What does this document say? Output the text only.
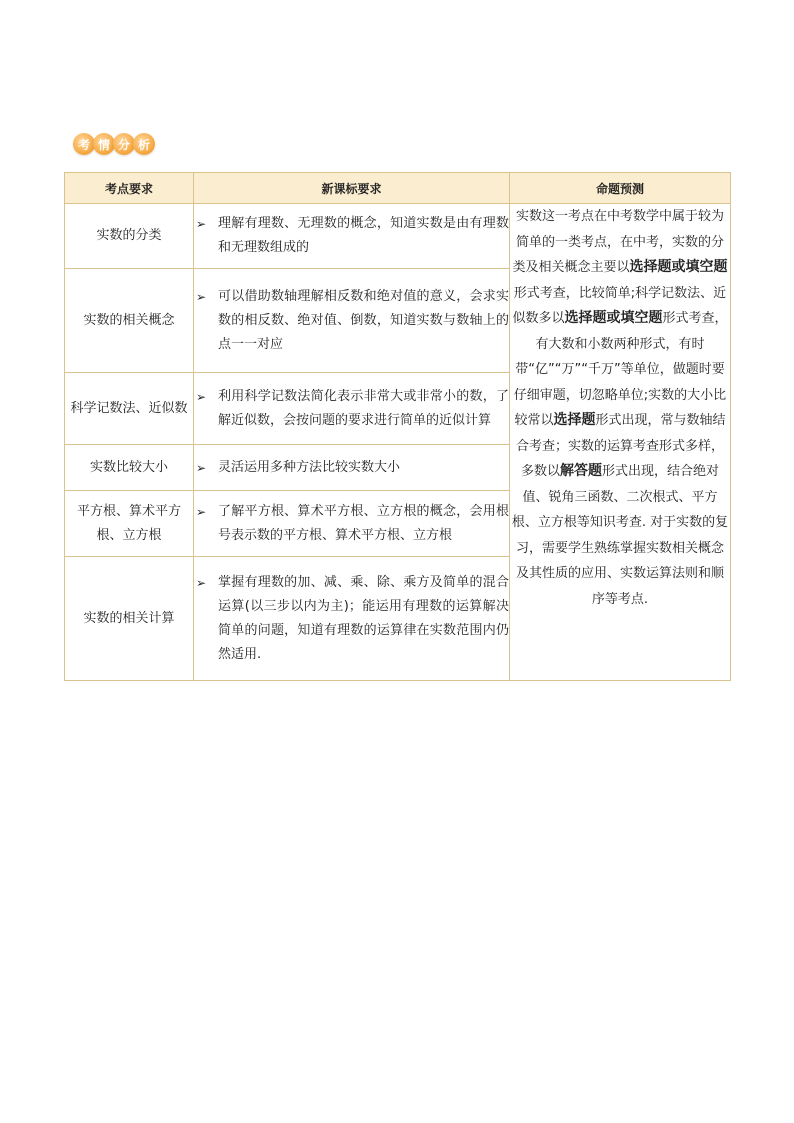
考 情 分 析
考点要求	新课标要求	命题预测
实数的分类	➢ 理解有理数、无理数的概念，知道实数是由有理数和无理数组成的	实数这一考点在中考数学中属于较为简单的一类考点，在中考，实数的分类及相关概念主要以选择题或填空题形式考查，比较简单;科学记数法、近似数多以选择题或填空题形式考查，有大数和小数两种形式，有时带“亿”“万”“千万”等单位，做题时要仔细审题，切忽略单位;实数的大小比较常以选择题形式出现，常与数轴结合考查；实数的运算考查形式多样，多数以解答题形式出现，结合绝对值、锐角三函数、二次根式、平方根、立方根等知识考查. 对于实数的复习，需要学生熟练掌握实数相关概念及其性质的应用、实数运算法则和顺序等考点.
实数的相关概念	➢ 可以借助数轴理解相反数和绝对值的意义，会求实数的相反数、绝对值、倒数，知道实数与数轴上的点一一对应	

科学记数法、近似数	➢ 利用科学记数法简化表示非常大或非常小的数，了解近似数，会按问题的要求进行简单的近似计算	

实数比较大小	➢ 灵活运用多种方法比较实数大小	

平方根、算术平方根、立方根	➢ 了解平方根、算术平方根、立方根的概念，会用根号表示数的平方根、算术平方根、立方根	

实数的相关计算	➢ 掌握有理数的加、减、乘、除、乘方及简单的混合运算(以三步以内为主)；能运用有理数的运算解决简单的问题，知道有理数的运算律在实数范围内仍然适用.	
